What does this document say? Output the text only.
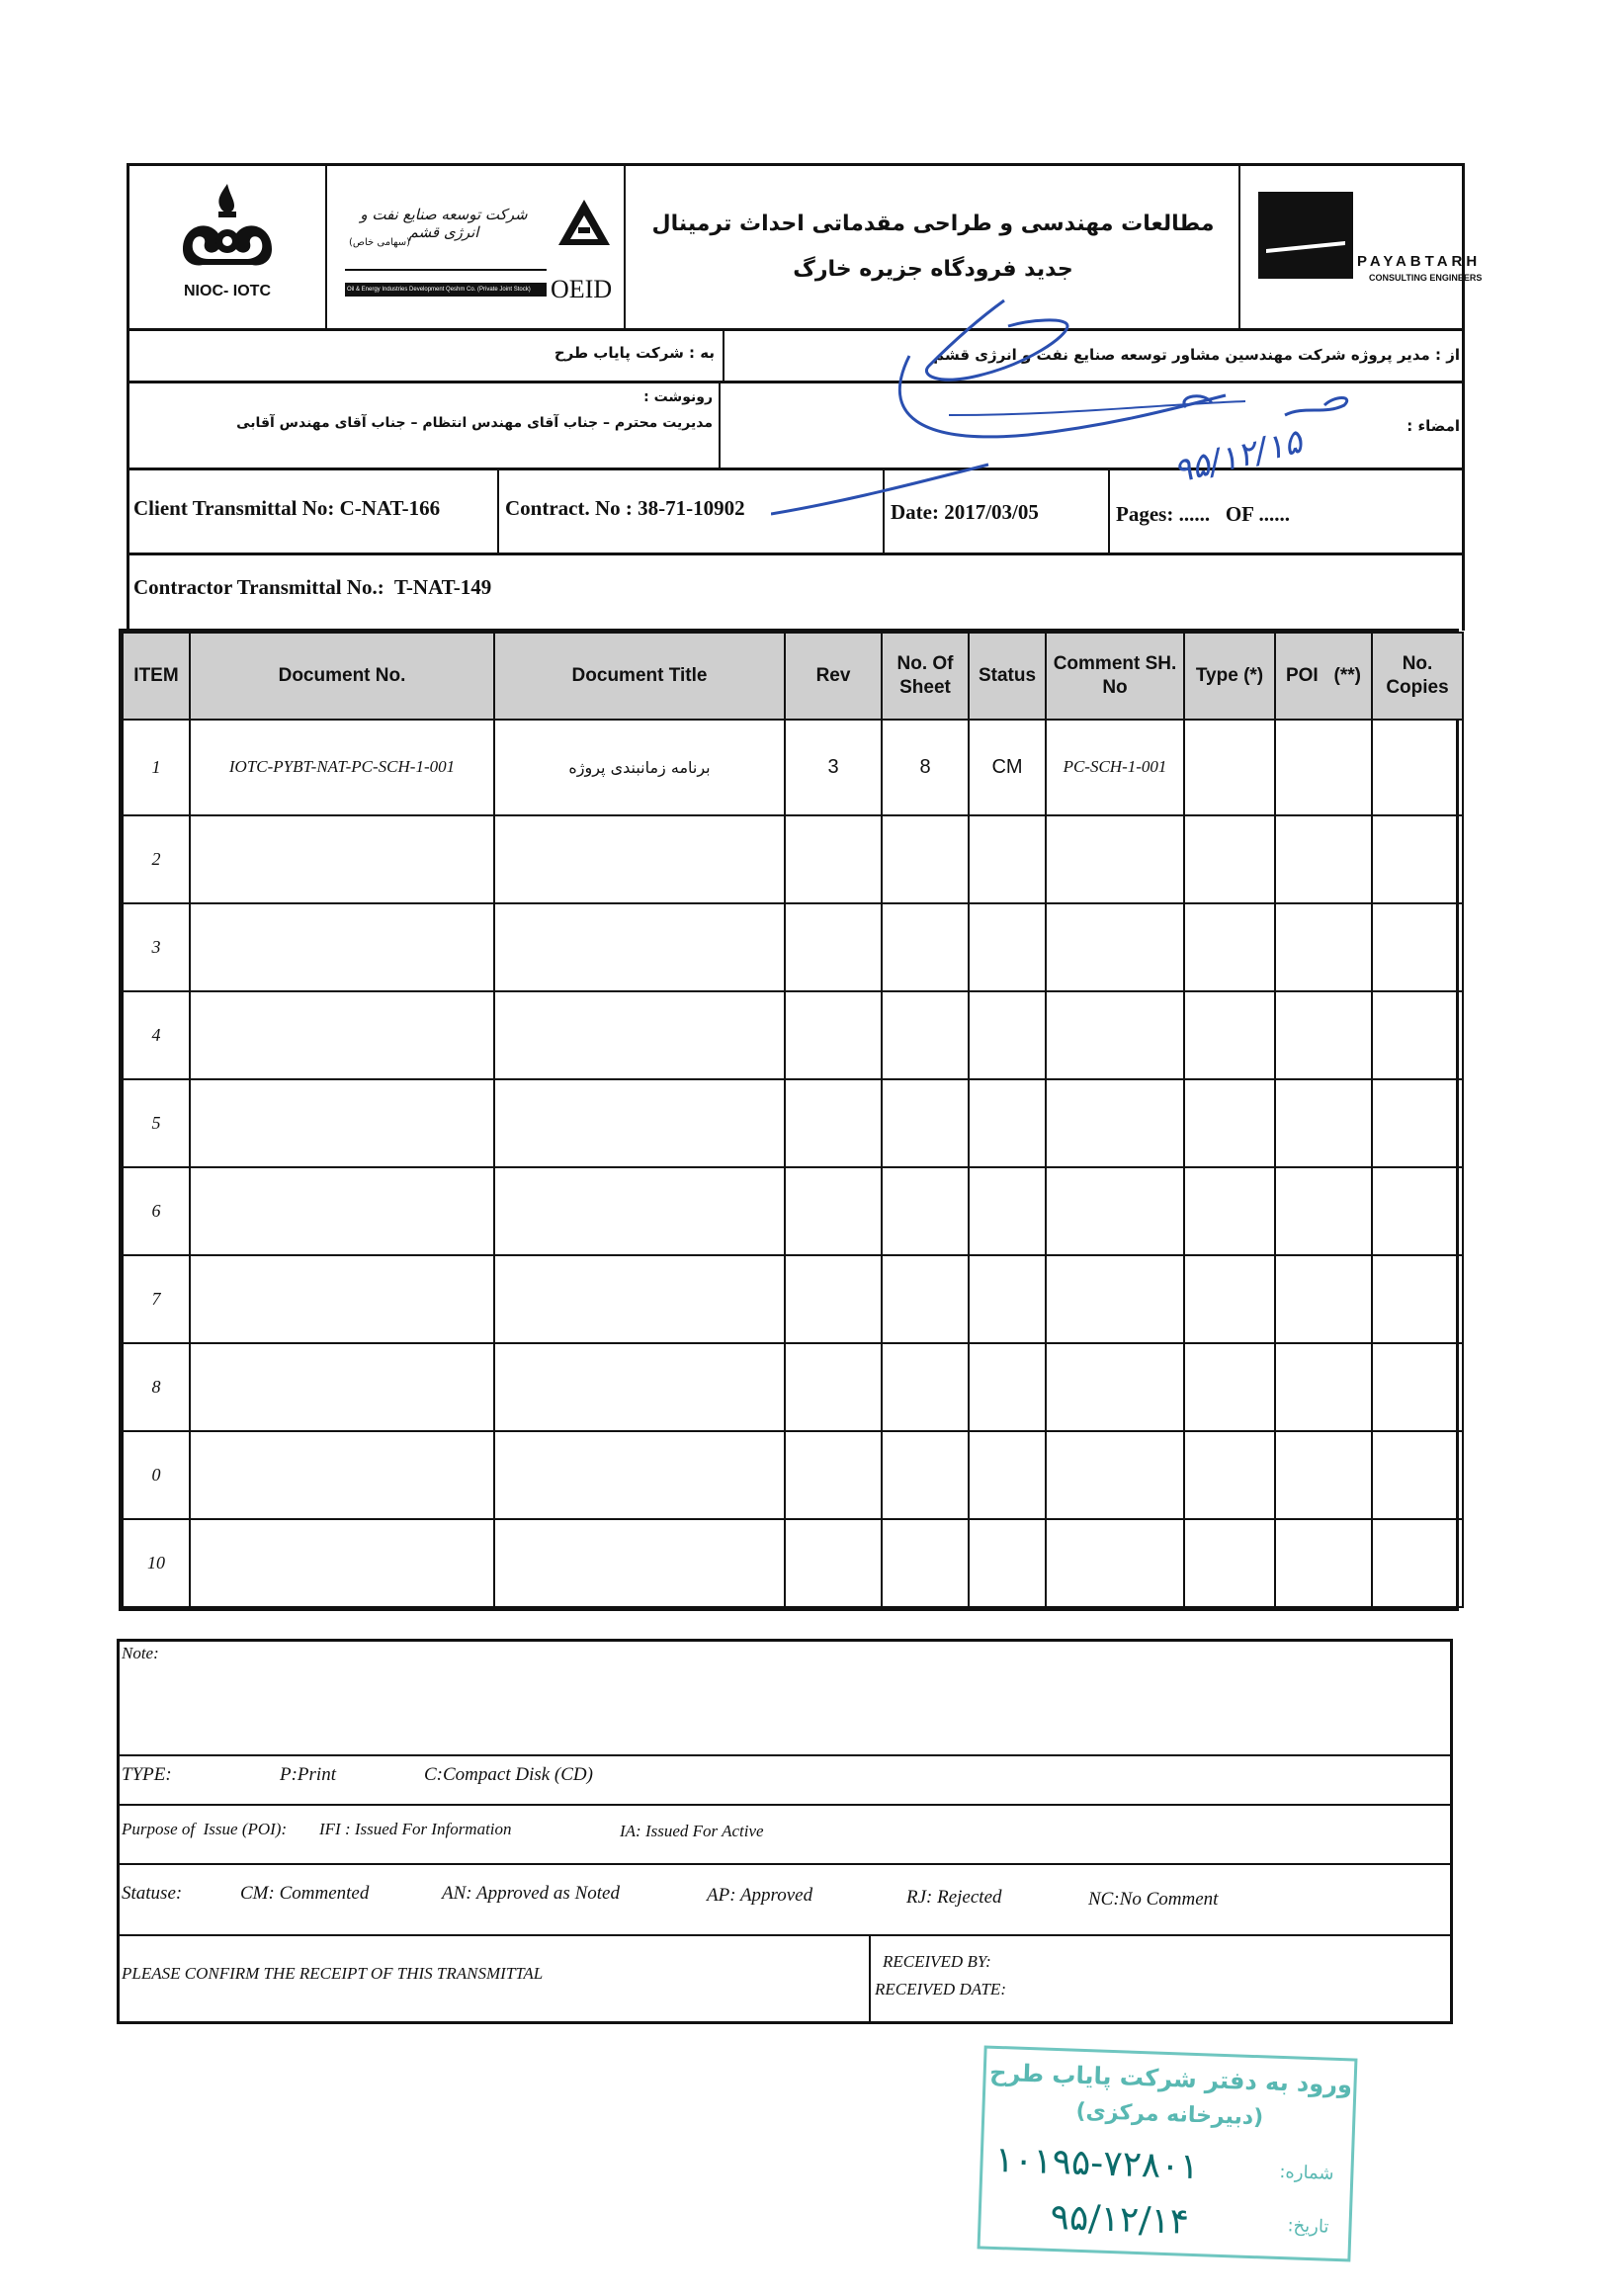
NIOC- IOTC
شرکت توسعه صنایع نفت و انرژی قشم
(سهامی خاص)
Oil & Energy Industries Development Qeshm Co. (Private Joint Stock) OEID
مطالعات مهندسی و طراحی مقدماتی احداث ترمینال
جدید فرودگاه جزیره خارگ	PAYABTARH
CONSULTING ENGINEERS
به : شرکت پایاب طرح	از : مدیر پروژه شرکت مهندسین مشاور توسعه صنایع نفت و انرژی قشم
رونوشت :
مدیریت محترم – جناب آقای مهندس انتظام – جناب آقای مهندس آقابی	امضاء :
Client Transmittal No: C-NAT-166	Contract. No : 38-71-10902	Date: 2017/03/05	Pages: ......   OF ......
Contractor Transmittal No.:  T-NAT-149
ITEM	Document No.	Document Title	Rev	No. Of Sheet	Status	Comment SH. No	Type (*)	POI   (**)	No. Copies
1	IOTC-PYBT-NAT-PC-SCH-1-001	برنامه زمانبندی پروژه	3	8	CM	PC-SCH-1-001			
2									
3									
4									
5									
6									
7									
8									
0									
10									
Note:
TYPE:	P:Print	C:Compact Disk (CD)
Purpose of  Issue (POI): IFI : Issued For Information	IA: Issued For Active
Statuse:	CM: Commented	AN: Approved as Noted	AP: Approved	RJ: Rejected	NC:No Comment
PLEASE CONFIRM THE RECEIPT OF THIS TRANSMITTAL
RECEIVED BY:
RECEIVED DATE:
۹۵/۱۲/۱۵
ورود به دفتر شرکت پایاب طرح
(دبیرخانه مرکزی)
شماره:
۱۰۱۹۵-۷۲۸۰۱
تاریخ:
۹۵/۱۲/۱۴
